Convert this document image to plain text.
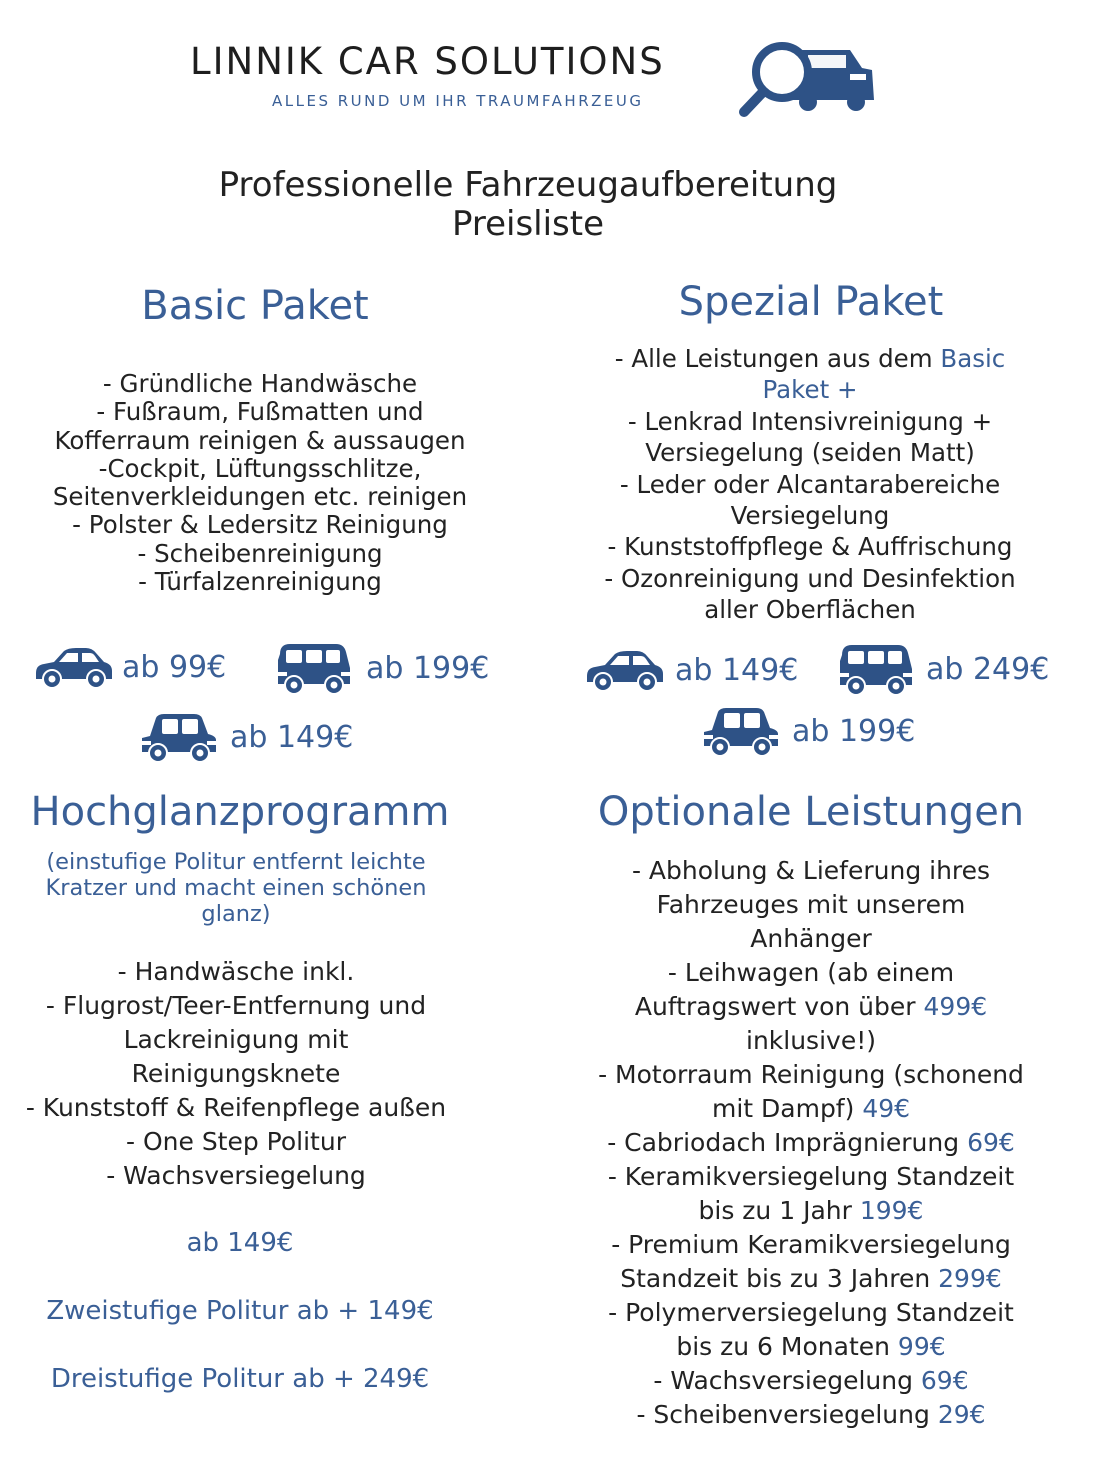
LINNIK CAR SOLUTIONS
ALLES RUND UM IHR TRAUMFAHRZEUG
Professionelle Fahrzeugaufbereitung
Preisliste
Basic Paket
- Gründliche Handwäsche
- Fußraum, Fußmatten und
Kofferraum reinigen & aussaugen
-Cockpit, Lüftungsschlitze,
Seitenverkleidungen etc. reinigen
- Polster & Ledersitz Reinigung
- Scheibenreinigung
- Türfalzenreinigung
ab 99€	ab 199€
ab 149€
Spezial Paket
- Alle Leistungen aus dem Basic
Paket +
- Lenkrad Intensivreinigung +
Versiegelung (seiden Matt)
- Leder oder Alcantarabereiche
Versiegelung
- Kunststoffpflege & Auffrischung
- Ozonreinigung und Desinfektion
aller Oberflächen
ab 149€	ab 249€
ab 199€
Hochglanzprogramm
(einstufige Politur entfernt leichte
Kratzer und macht einen schönen
glanz)
- Handwäsche inkl.
- Flugrost/Teer-Entfernung und
Lackreinigung mit
Reinigungsknete
- Kunststoff & Reifenpflege außen
- One Step Politur
- Wachsversiegelung
ab 149€
Zweistufige Politur ab + 149€
Dreistufige Politur ab + 249€
Optionale Leistungen
- Abholung & Lieferung ihres
Fahrzeuges mit unserem
Anhänger
- Leihwagen (ab einem
Auftragswert von über 499€
inklusive!)
- Motorraum Reinigung (schonend
mit Dampf) 49€
- Cabriodach Imprägnierung 69€
- Keramikversiegelung Standzeit
bis zu 1 Jahr 199€
- Premium Keramikversiegelung
Standzeit bis zu 3 Jahren 299€
- Polymerversiegelung Standzeit
bis zu 6 Monaten 99€
- Wachsversiegelung 69€
- Scheibenversiegelung 29€
